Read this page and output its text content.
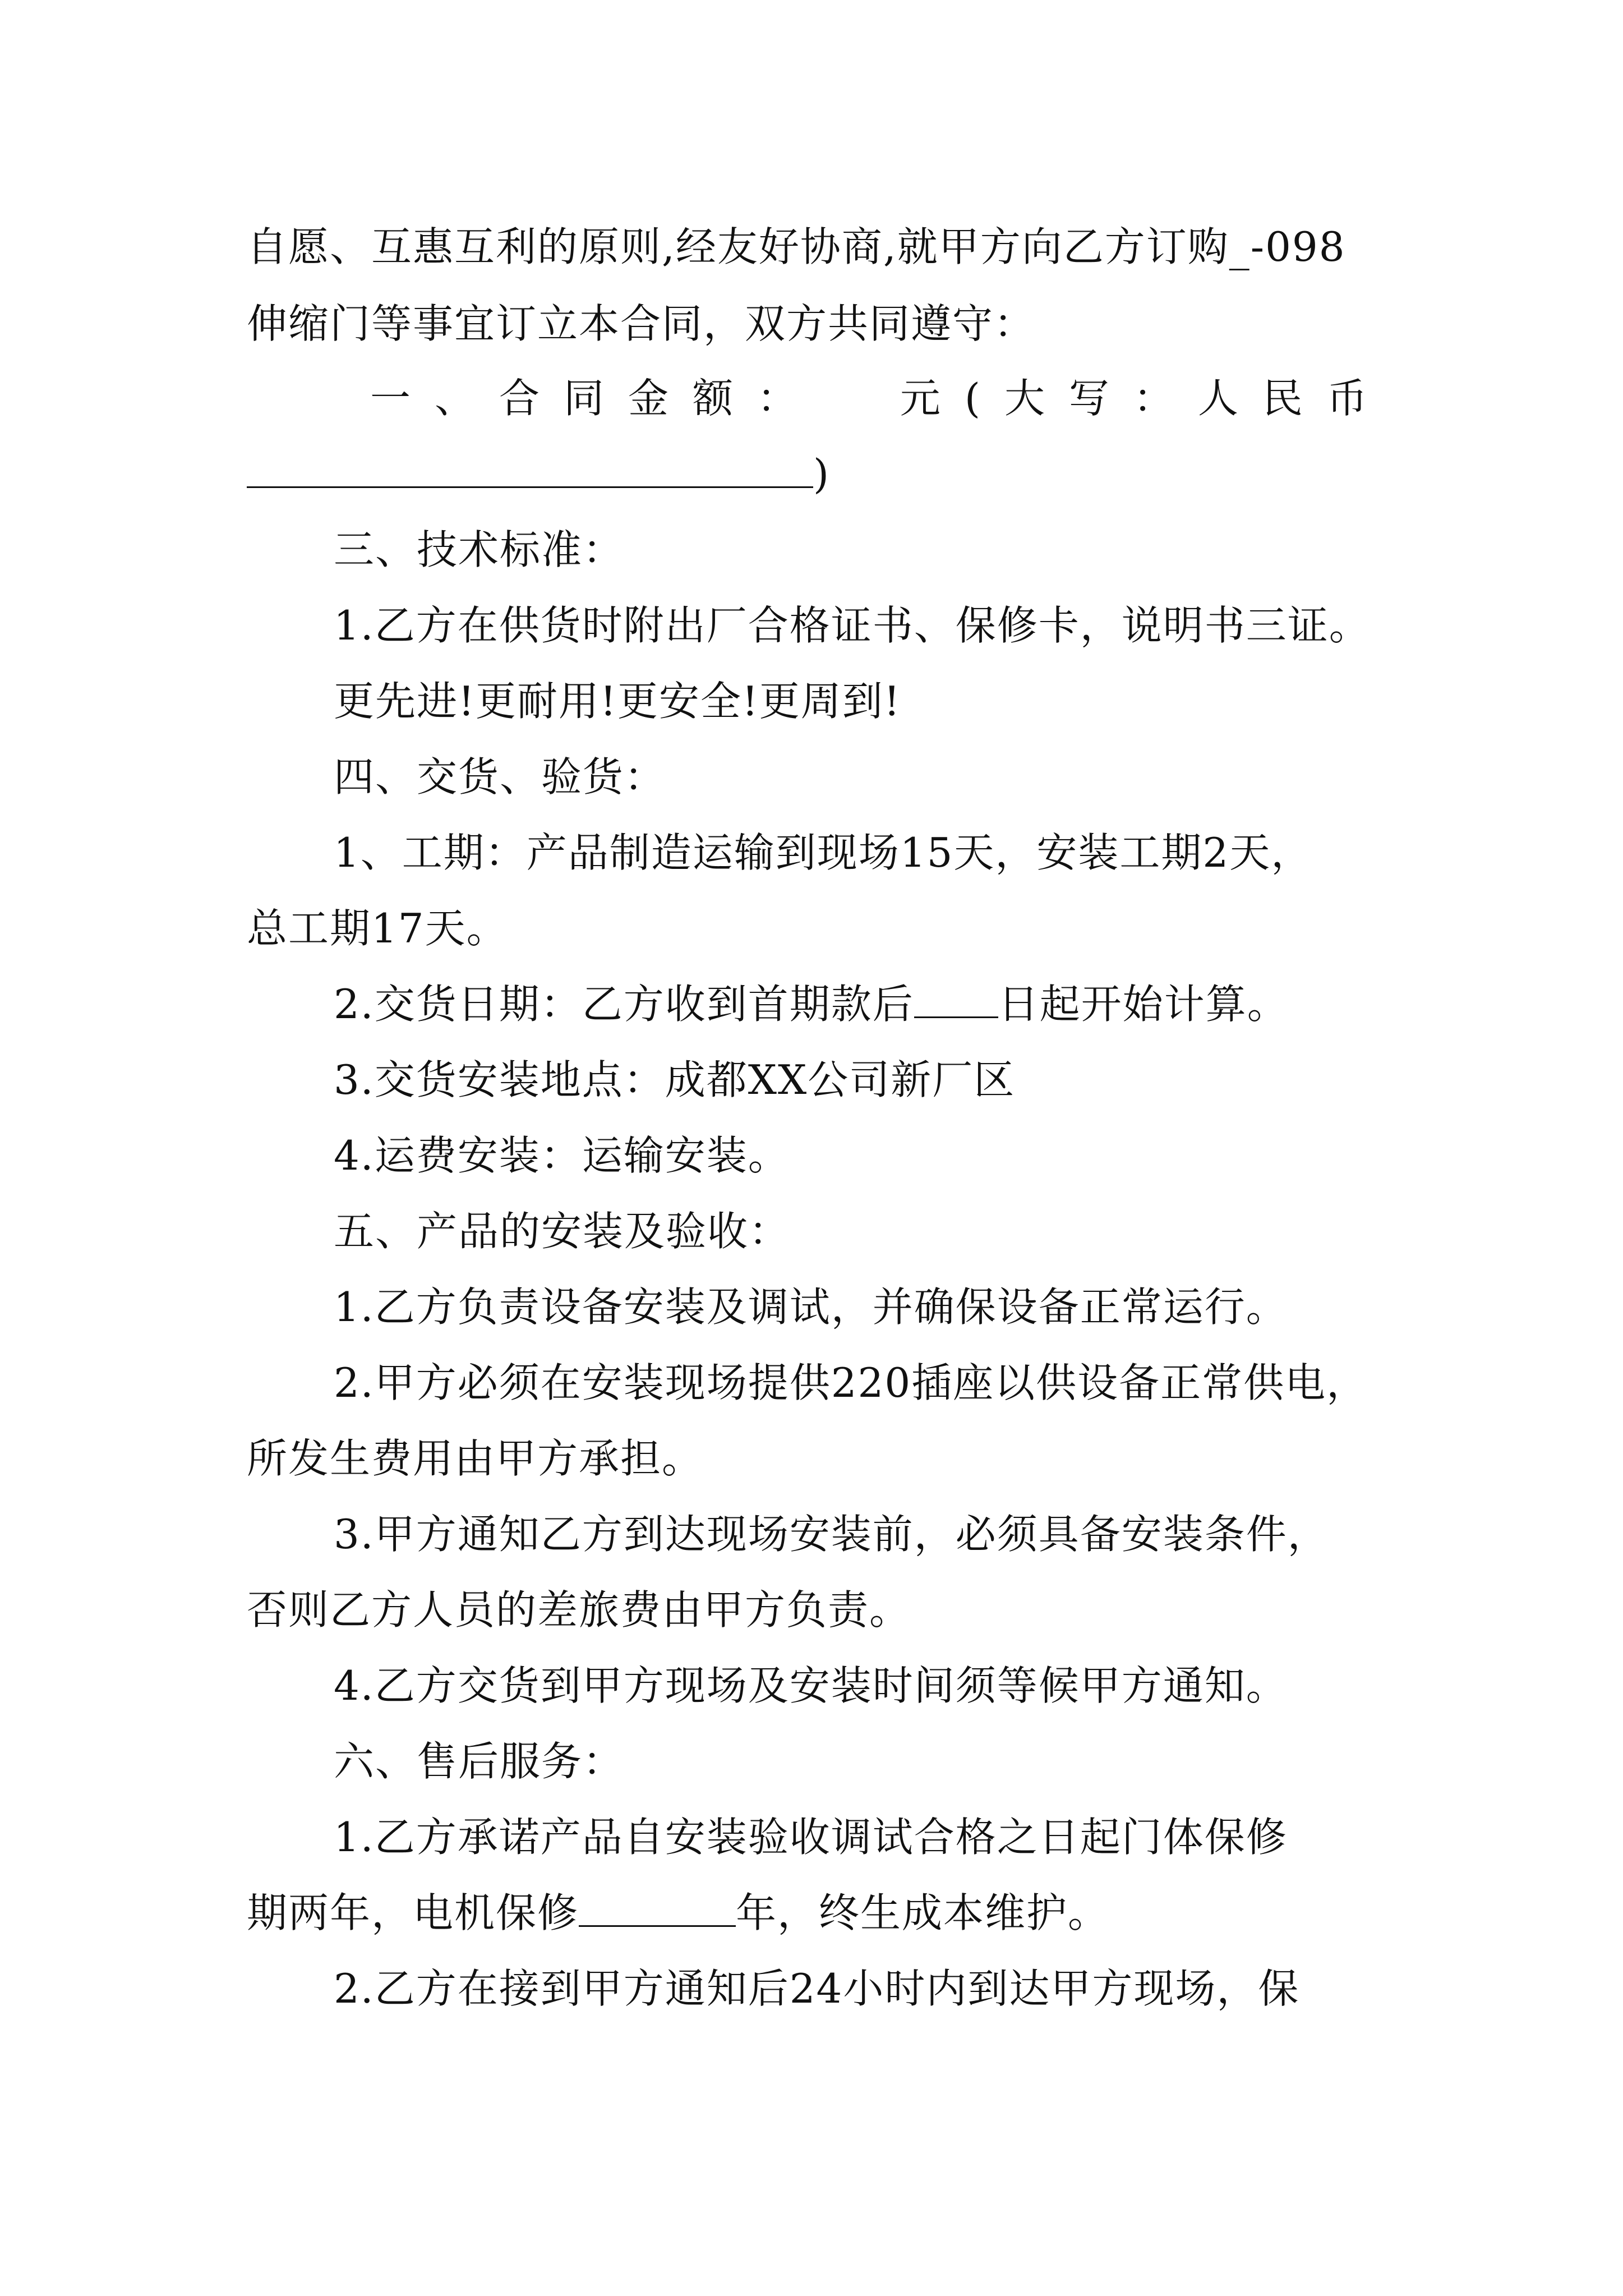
自愿、互惠互利的原则,经友好协商,就甲方向乙方订购_-098
伸缩门等事宜订立本合同，双方共同遵守：
一 、 合 同 金 额 ：	元 ( 大 写 ： 人 民 币
)
三、技术标准：
1.乙方在供货时附出厂合格证书、保修卡，说明书三证。
更先进!更耐用!更安全!更周到!
四、交货、验货：
1、工期：产品制造运输到现场15天，安装工期2天，
总工期17天。
2.交货日期：乙方收到首期款后 日起开始计算。
3.交货安装地点：成都XX公司新厂区
4.运费安装：运输安装。
五、产品的安装及验收：
1.乙方负责设备安装及调试，并确保设备正常运行。
2.甲方必须在安装现场提供220插座以供设备正常供电，
所发生费用由甲方承担。
3.甲方通知乙方到达现场安装前，必须具备安装条件，
否则乙方人员的差旅费由甲方负责。
4.乙方交货到甲方现场及安装时间须等候甲方通知。
六、售后服务：
1.乙方承诺产品自安装验收调试合格之日起门体保修
期两年，电机保修	年，终生成本维护。
2.乙方在接到甲方通知后24小时内到达甲方现场，保
